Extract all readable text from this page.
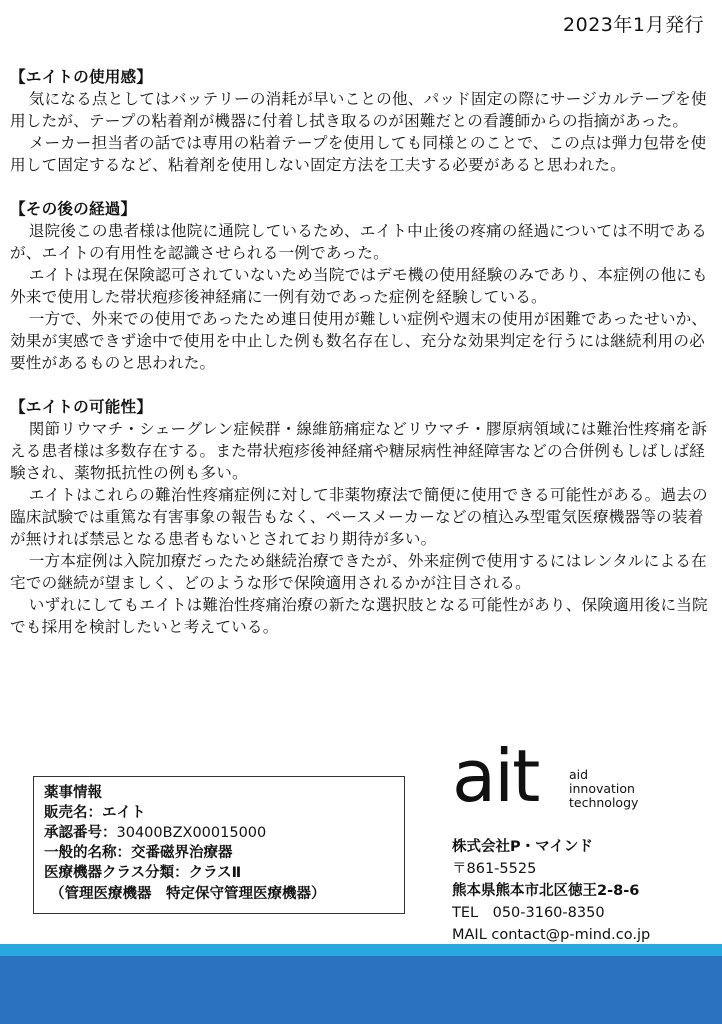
2023年1月発行

【エイトの使用感】

気になる点としてはバッテリーの消耗が早いことの他、パッド固定の際にサージカルテープを使用したが、テープの粘着剤が機器に付着し拭き取るのが困難だとの看護師からの指摘があった。

メーカー担当者の話では専用の粘着テープを使用しても同様とのことで、この点は弾力包帯を使用して固定するなど、粘着剤を使用しない固定方法を工夫する必要があると思われた。

【その後の経過】

退院後この患者様は他院に通院しているため、エイト中止後の疼痛の経過については不明であるが、エイトの有用性を認識させられる一例であった。

エイトは現在保険認可されていないため当院ではデモ機の使用経験のみであり、本症例の他にも外来で使用した帯状疱疹後神経痛に一例有効であった症例を経験している。

一方で、外来での使用であったため連日使用が難しい症例や週末の使用が困難であったせいか、効果が実感できず途中で使用を中止した例も数名存在し、充分な効果判定を行うには継続利用の必要性があるものと思われた。

【エイトの可能性】

関節リウマチ・シェーグレン症候群・線維筋痛症などリウマチ・膠原病領域には難治性疼痛を訴える患者様は多数存在する。また帯状疱疹後神経痛や糖尿病性神経障害などの合併例もしばしば経験され、薬物抵抗性の例も多い。

エイトはこれらの難治性疼痛症例に対して非薬物療法で簡便に使用できる可能性がある。過去の臨床試験では重篤な有害事象の報告もなく、ペースメーカーなどの植込み型電気医療機器等の装着が無ければ禁忌となる患者もないとされており期待が多い。

一方本症例は入院加療だったため継続治療できたが、外来症例で使用するにはレンタルによる在宅での継続が望ましく、どのような形で保険適用されるかが注目される。

いずれにしてもエイトは難治性疼痛治療の新たな選択肢となる可能性があり、保険適用後に当院でも採用を検討したいと考えている。

薬事情報
販売名：エイト
承認番号：30400BZX00015000
一般的名称：交番磁界治療器
医療機器クラス分類：クラスⅡ
（管理医療機器　特定保守管理医療機器）
ait aid
innovation
technology
株式会社P・マインド
〒861-5525
熊本県熊本市北区徳王2-8-6
TEL　050-3160-8350
MAIL contact@p-mind.co.jp
